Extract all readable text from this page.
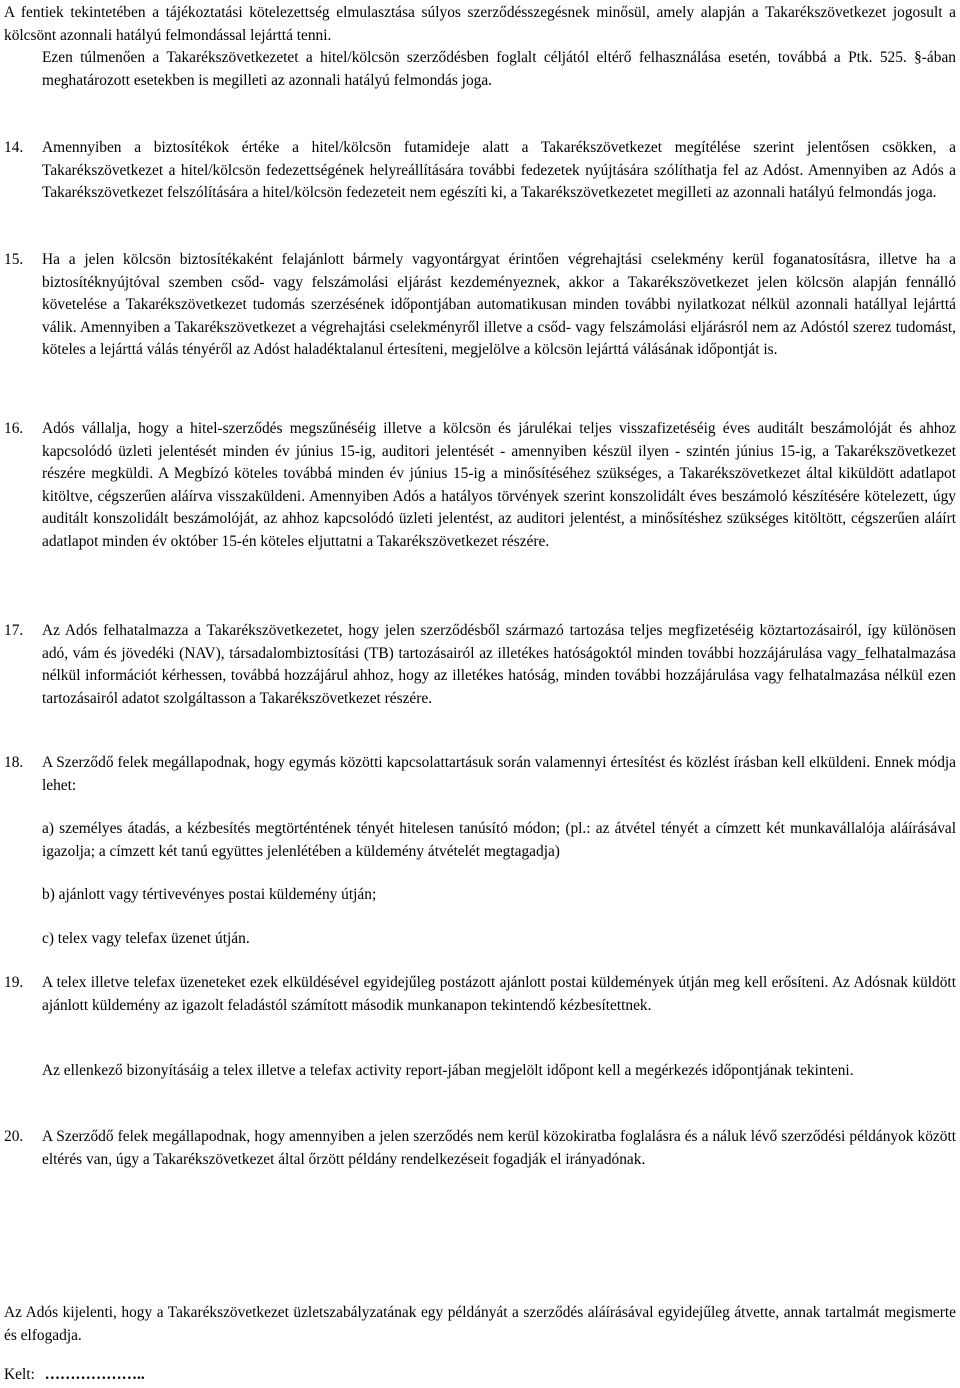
A fentiek tekintetében a tájékoztatási kötelezettség elmulasztása súlyos szerződésszegésnek minősül, amely alapján a Takarékszövetkezet jogosult a kölcsönt azonnali hatályú felmondással lejárttá tenni.

Ezen túlmenően a Takarékszövetkezetet a hitel/kölcsön szerződésben foglalt céljától eltérő felhasználása esetén, továbbá a Ptk. 525. §-ában meghatározott esetekben is megilleti az azonnali hatályú felmondás joga.

14. Amennyiben a biztosítékok értéke a hitel/kölcsön futamideje alatt a Takarékszövetkezet megítélése szerint jelentősen csökken, a Takarékszövetkezet a hitel/kölcsön fedezettségének helyreállítására további fedezetek nyújtására szólíthatja fel az Adóst. Amennyiben az Adós a Takarékszövetkezet felszólítására a hitel/kölcsön fedezeteit nem egészíti ki, a Takarékszövetkezetet megilleti az azonnali hatályú felmondás joga.

15. Ha a jelen kölcsön biztosítékaként felajánlott bármely vagyontárgyat érintően végrehajtási cselekmény kerül foganatosításra, illetve ha a biztosítéknyújtóval szemben csőd- vagy felszámolási eljárást kezdeményeznek, akkor a Takarékszövetkezet jelen kölcsön alapján fennálló követelése a Takarékszövetkezet tudomás szerzésének időpontjában automatikusan minden további nyilatkozat nélkül azonnali hatállyal lejárttá válik. Amennyiben a Takarékszövetkezet a végrehajtási cselekményről illetve a csőd- vagy felszámolási eljárásról nem az Adóstól szerez tudomást, köteles a lejárttá válás tényéről az Adóst haladéktalanul értesíteni, megjelölve a kölcsön lejárttá válásának időpontját is.

16. Adós vállalja, hogy a hitel-szerződés megszűnéséig illetve a kölcsön és járulékai teljes visszafizetéséig éves auditált beszámolóját és ahhoz kapcsolódó üzleti jelentését minden év június 15-ig, auditori jelentését - amennyiben készül ilyen - szintén június 15-ig, a Takarékszövetkezet részére megküldi. A Megbízó köteles továbbá minden év június 15-ig a minősítéséhez szükséges, a Takarékszövetkezet által kiküldött adatlapot kitöltve, cégszerűen aláírva visszaküldeni. Amennyiben Adós a hatályos törvények szerint konszolidált éves beszámoló készítésére kötelezett, úgy auditált konszolidált beszámolóját, az ahhoz kapcsolódó üzleti jelentést, az auditori jelentést, a minősítéshez szükséges kitöltött, cégszerűen aláírt adatlapot minden év október 15-én köteles eljuttatni a Takarékszövetkezet részére.

17. Az Adós felhatalmazza a Takarékszövetkezetet, hogy jelen szerződésből származó tartozása teljes megfizetéséig köztartozásairól, így különösen adó, vám és jövedéki (NAV), társadalombiztosítási (TB) tartozásairól az illetékes hatóságoktól minden további hozzájárulása vagy_felhatalmazása nélkül információt kérhessen, továbbá hozzájárul ahhoz, hogy az illetékes hatóság, minden további hozzájárulása vagy felhatalmazása nélkül ezen tartozásairól adatot szolgáltasson a Takarékszövetkezet részére.

18. A Szerződő felek megállapodnak, hogy egymás közötti kapcsolattartásuk során valamennyi értesítést és közlést írásban kell elküldeni. Ennek módja lehet:

a) személyes átadás, a kézbesítés megtörténtének tényét hitelesen tanúsító módon; (pl.: az átvétel tényét a címzett két munkavállalója aláírásával igazolja; a címzett két tanú együttes jelenlétében a küldemény átvételét megtagadja)

b) ajánlott vagy tértivevényes postai küldemény útján;

c) telex vagy telefax üzenet útján.

19. A telex illetve telefax üzeneteket ezek elküldésével egyidejűleg postázott ajánlott postai küldemények útján meg kell erősíteni. Az Adósnak küldött ajánlott küldemény az igazolt feladástól számított második munkanapon tekintendő kézbesítettnek.

Az ellenkező bizonyításáig a telex illetve a telefax activity report-jában megjelölt időpont kell a megérkezés időpontjának tekinteni.

20. A Szerződő felek megállapodnak, hogy amennyiben a jelen szerződés nem kerül közokiratba foglalásra és a náluk lévő szerződési példányok között eltérés van, úgy a Takarékszövetkezet által őrzött példány rendelkezéseit fogadják el irányadónak.

Az Adós kijelenti, hogy a Takarékszövetkezet üzletszabályzatának egy példányát a szerződés aláírásával egyidejűleg átvette, annak tartalmát megismerte és elfogadja.

Kelt: ………………..
